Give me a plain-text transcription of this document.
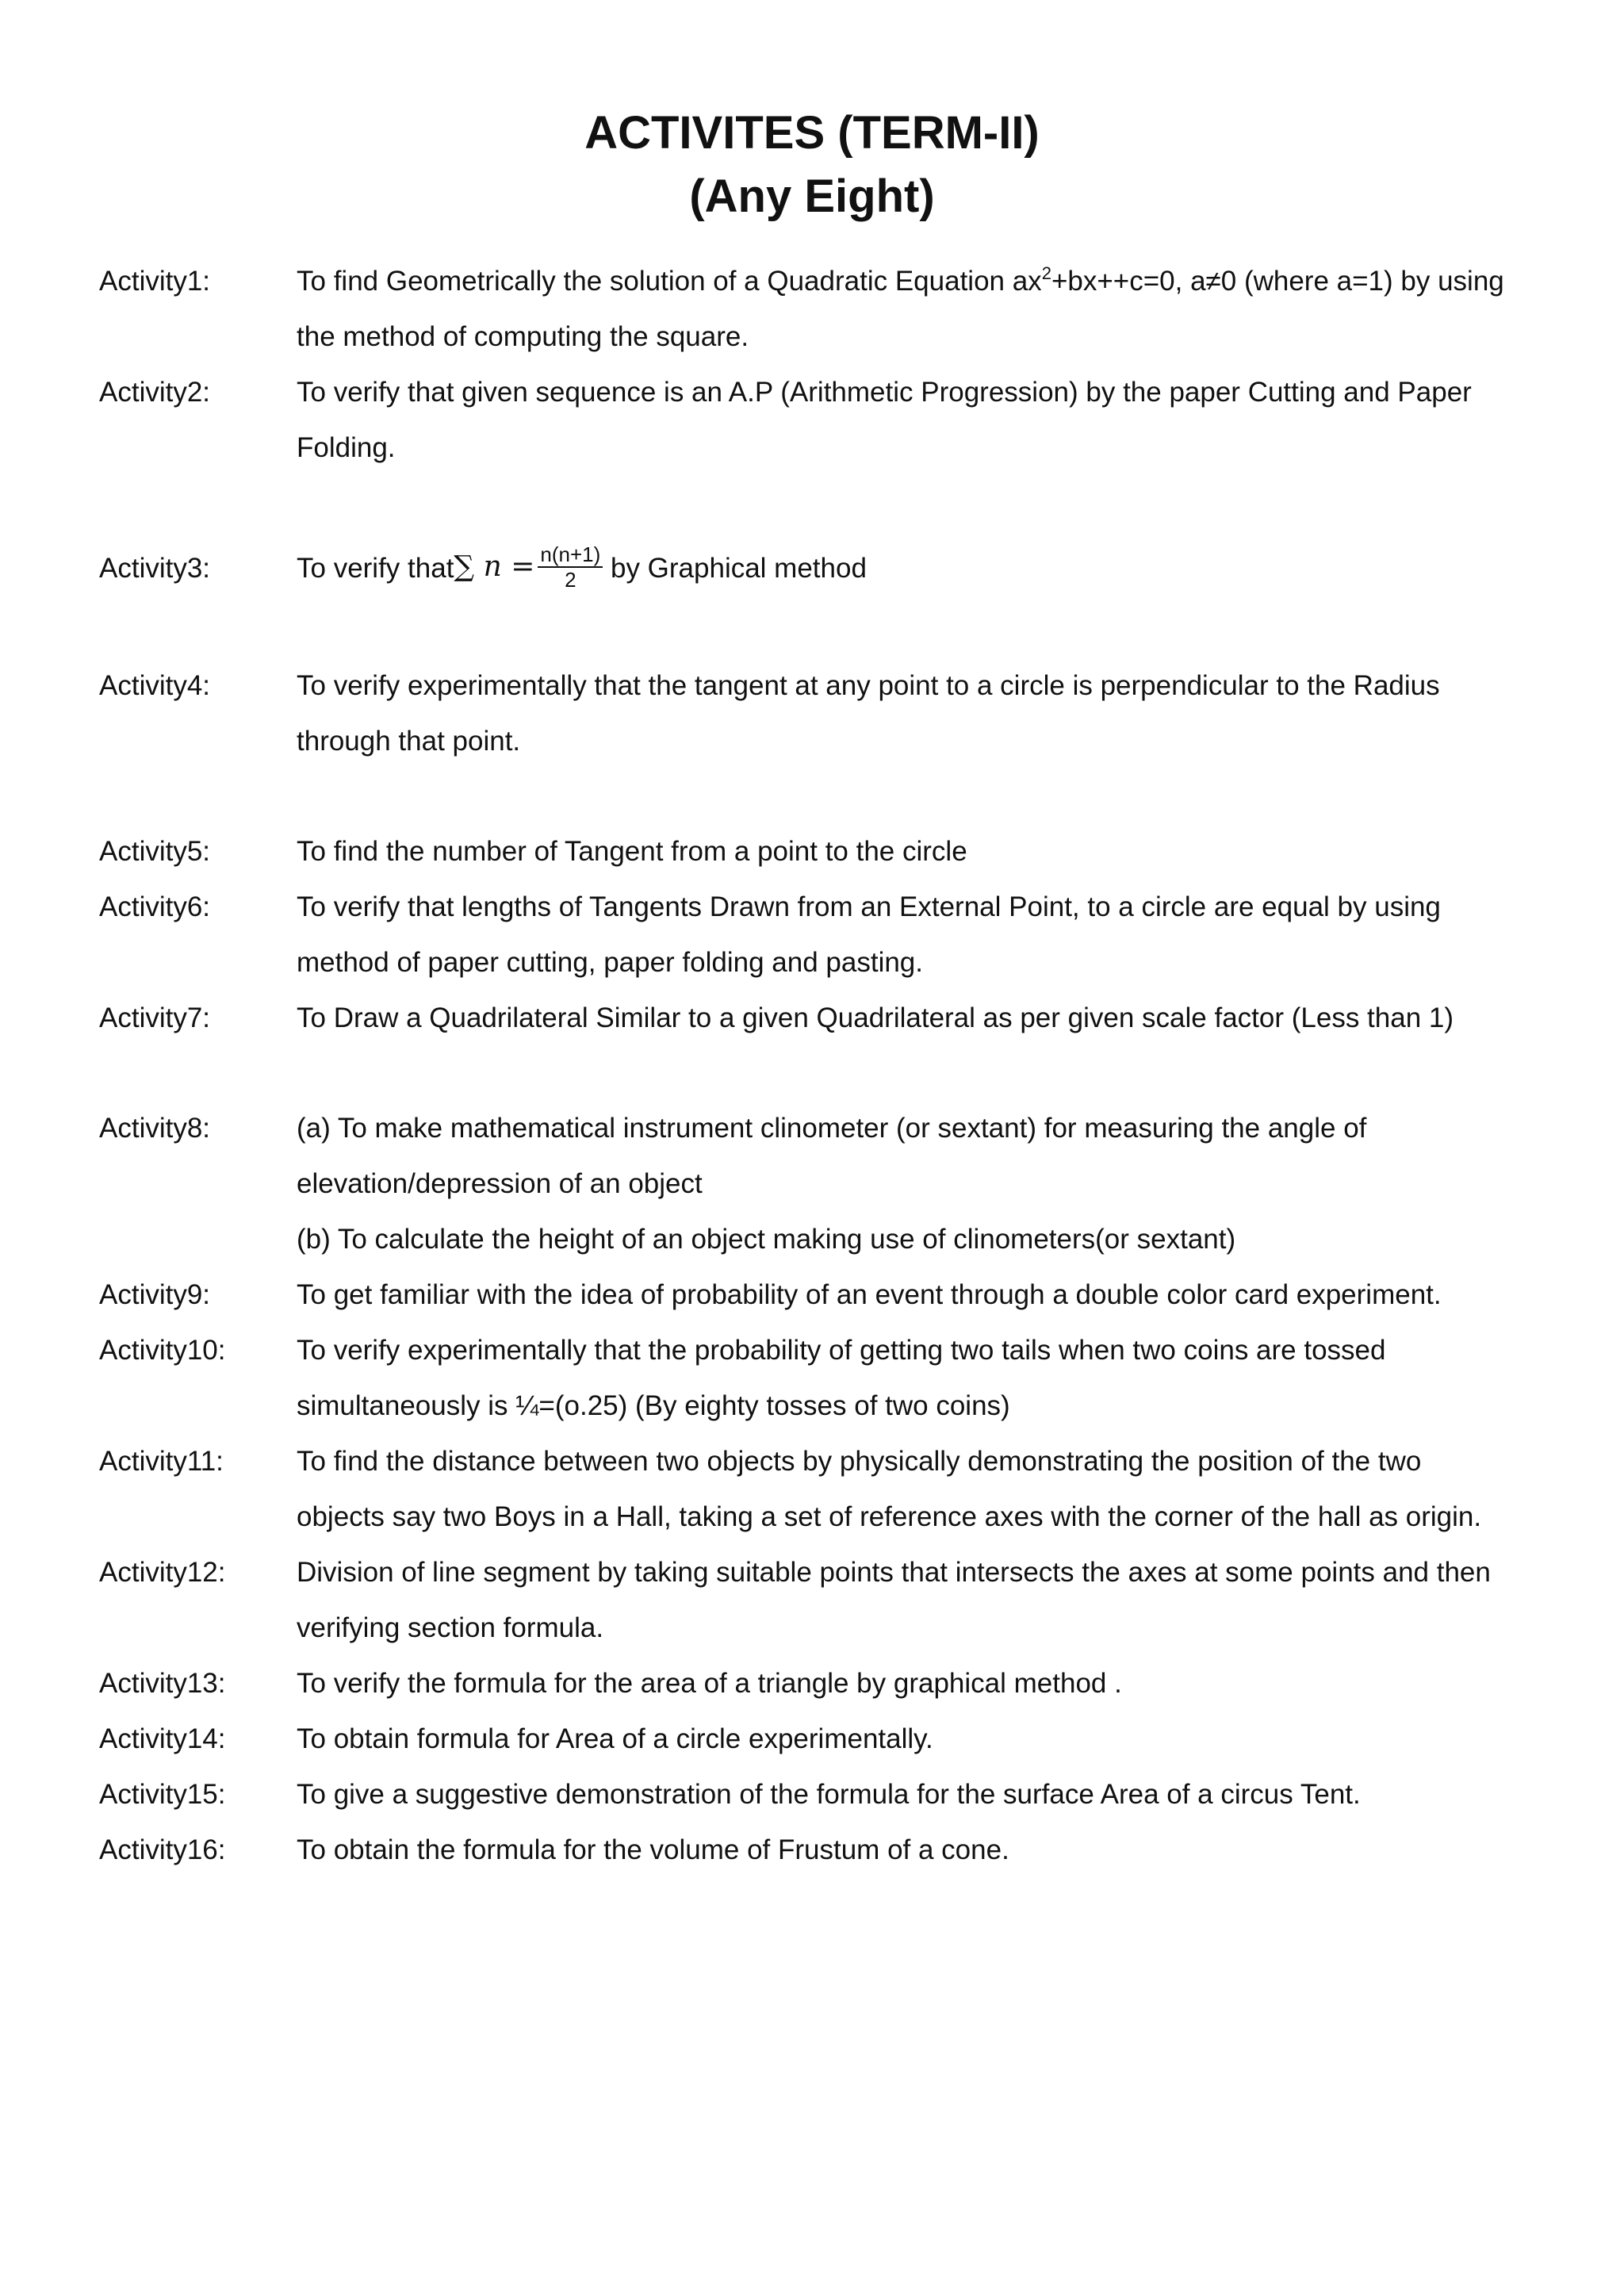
ACTIVITES (TERM-II)
(Any Eight)
Activity1:	To find Geometrically the solution of a Quadratic Equation $ax^2+bx++c=0$, a≠0 (where a=1) by using
the method of computing the square.
Activity2:	To verify that given sequence is an A.P (Arithmetic Progression) by the paper Cutting and Paper
Folding.
Activity3:	To verify that∑ $n = \frac{n(n+1)}{2}$ by Graphical method
Activity4:	To verify experimentally that the tangent at any point to a circle is perpendicular to the Radius
through that point.
Activity5:	To find the number of Tangent from a point to the circle
Activity6:	To verify that lengths of Tangents Drawn from an External Point, to a circle are equal by using
method of paper cutting, paper folding and pasting.
Activity7:	To Draw a Quadrilateral Similar to a given Quadrilateral as per given scale factor (Less than 1)
Activity8:	(a) To make mathematical instrument clinometer (or sextant) for measuring the angle of
elevation/depression of an object
(b) To calculate the height of an object making use of clinometers(or sextant)
Activity9:	To get familiar with the idea of probability of an event through a double color card experiment.
Activity10:	To verify experimentally that the probability of getting two tails when two coins are tossed
simultaneously is ¼=(o.25) (By eighty tosses of two coins)
Activity11:	To find the distance between two objects by physically demonstrating the position of the two
objects say two Boys in a Hall, taking a set of reference axes with the corner of the hall as origin.
Activity12:	Division of line segment by taking suitable points that intersects the axes at some points and then
verifying section formula.
Activity13:	To verify the formula for the area of a triangle by graphical method .
Activity14:	To obtain formula for Area of a circle experimentally.
Activity15:	To give a suggestive demonstration of the formula for the surface Area of a circus Tent.
Activity16:	To obtain the formula for the volume of Frustum of a cone.
